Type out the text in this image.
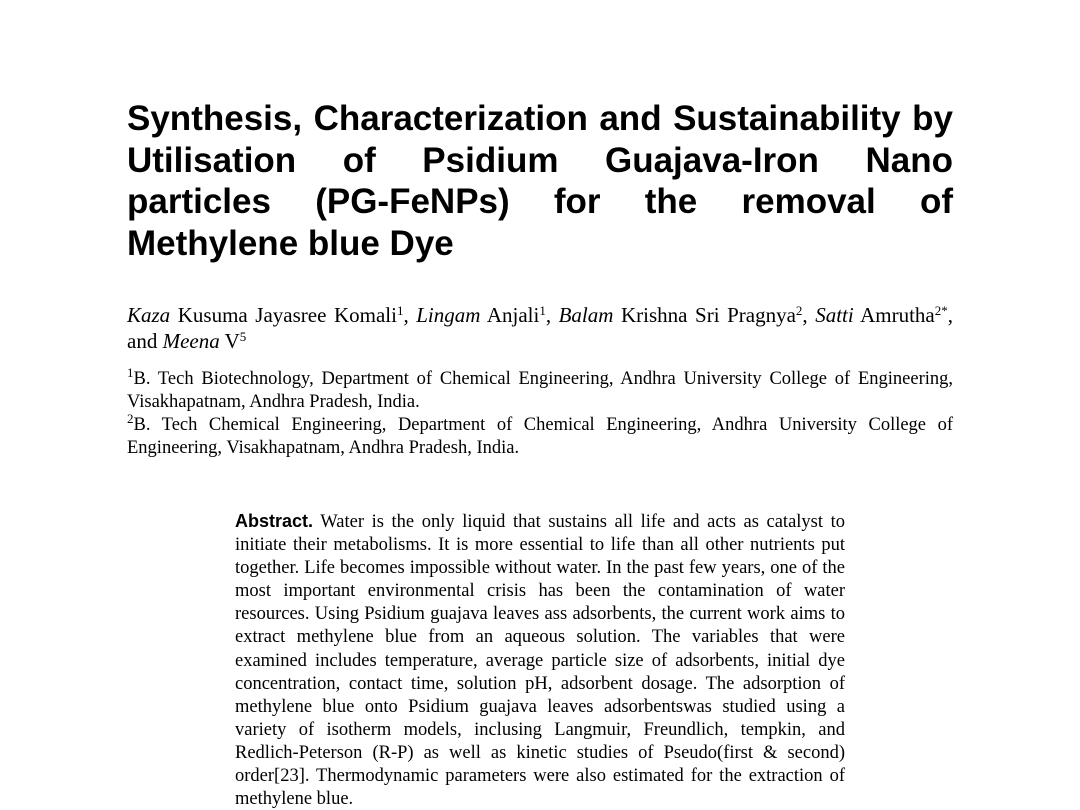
Synthesis, Characterization and Sustainability by Utilisation of Psidium Guajava-Iron Nano particles (PG-FeNPs) for the removal of Methylene blue Dye

Kaza Kusuma Jayasree Komali$^1$, Lingam Anjali$^1$, Balam Krishna Sri Pragnya$^2$, Satti Amrutha$^{2*}$, and Meena $V^5$

$^1$B. Tech Biotechnology, Department of Chemical Engineering, Andhra University College of Engineering, Visakhapatnam, Andhra Pradesh, India.

$^2$B. Tech Chemical Engineering, Department of Chemical Engineering, Andhra University College of Engineering, Visakhapatnam, Andhra Pradesh, India.

Abstract. Water is the only liquid that sustains all life and acts as catalyst to initiate their metabolisms. It is more essential to life than all other nutrients put together. Life becomes impossible without water. In the past few years, one of the most important environmental crisis has been the contamination of water resources. Using Psidium guajava leaves ass adsorbents, the current work aims to extract methylene blue from an aqueous solution. The variables that were examined includes temperature, average particle size of adsorbents, initial dye concentration, contact time, solution pH, adsorbent dosage. The adsorption of methylene blue onto Psidium guajava leaves adsorbentswas studied using a variety of isotherm models, inclusing Langmuir, Freundlich, tempkin, and Redlich-Peterson (R-P) as well as kinetic studies of Pseudo(first & second) order[23]. Thermodynamic parameters were also estimated for the extraction of methylene blue.
